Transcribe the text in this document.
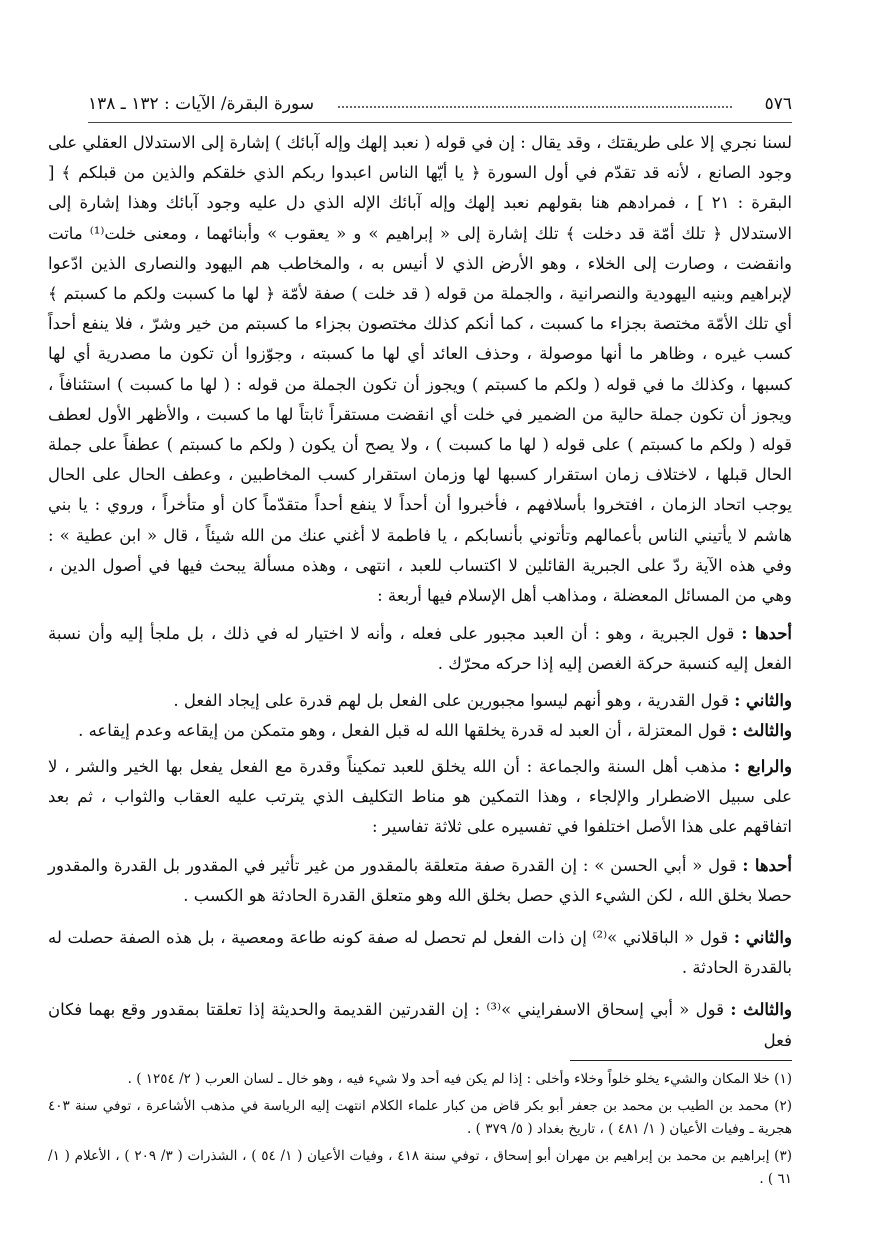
٥٧٦
سورة البقرة/ الآيات : ١٣٢ ـ ١٣٨

لسنا نجري إلا على طريقتك ، وقد يقال : إن في قوله ( نعبد إلهك وإله آبائك ) إشارة إلى الاستدلال العقلي على وجود الصانع ، لأنه قد تقدّم في أول السورة ﴿ يا أيّها الناس اعبدوا ربكم الذي خلقكم والذين من قبلكم ﴾ [ البقرة : ٢١ ] ، فمرادهم هنا بقولهم نعبد إلهك وإله آبائك الإله الذي دل عليه وجود آبائك وهذا إشارة إلى الاستدلال ﴿ تلك أمّة قد دخلت ﴾ تلك إشارة إلى « إبراهيم » و « يعقوب » وأبنائهما ، ومعنى خلت⁽¹⁾ ماتت وانقضت ، وصارت إلى الخلاء ، وهو الأرض الذي لا أنيس به ، والمخاطب هم اليهود والنصارى الذين ادّعوا لإبراهيم وبنيه اليهودية والنصرانية ، والجملة من قوله ( قد خلت ) صفة لأمّة ﴿ لها ما كسبت ولكم ما كسبتم ﴾ أي تلك الأمّة مختصة بجزاء ما كسبت ، كما أنكم كذلك مختصون بجزاء ما كسبتم من خير وشرّ ، فلا ينفع أحداً كسب غيره ، وظاهر ما أنها موصولة ، وحذف العائد أي لها ما كسبته ، وجوّزوا أن تكون ما مصدرية أي لها كسبها ، وكذلك ما في قوله ( ولكم ما كسبتم ) ويجوز أن تكون الجملة من قوله : ( لها ما كسبت ) استئنافاً ، ويجوز أن تكون جملة حالية من الضمير في خلت أي انقضت مستقراً ثابتاً لها ما كسبت ، والأظهر الأول لعطف قوله ( ولكم ما كسبتم ) على قوله ( لها ما كسبت ) ، ولا يصح أن يكون ( ولكم ما كسبتم ) عطفاً على جملة الحال قبلها ، لاختلاف زمان استقرار كسبها لها وزمان استقرار كسب المخاطبين ، وعطف الحال على الحال يوجب اتحاد الزمان ، افتخروا بأسلافهم ، فأخبروا أن أحداً لا ينفع أحداً متقدّماً كان أو متأخراً ، وروي : يا بني هاشم لا يأتيني الناس بأعمالهم وتأتوني بأنسابكم ، يا فاطمة لا أغني عنك من الله شيئاً ، قال « ابن عطية » : وفي هذه الآية ردّ على الجبرية القائلين لا اكتساب للعبد ، انتهى ، وهذه مسألة يبحث فيها في أصول الدين ، وهي من المسائل المعضلة ، ومذاهب أهل الإسلام فيها أربعة :

أحدها : قول الجبرية ، وهو : أن العبد مجبور على فعله ، وأنه لا اختيار له في ذلك ، بل ملجأ إليه وأن نسبة الفعل إليه كنسبة حركة الغصن إليه إذا حركه محرّك .

والثاني : قول القدرية ، وهو أنهم ليسوا مجبورين على الفعل بل لهم قدرة على إيجاد الفعل .

والثالث : قول المعتزلة ، أن العبد له قدرة يخلقها الله له قبل الفعل ، وهو متمكن من إيقاعه وعدم إيقاعه .

والرابع : مذهب أهل السنة والجماعة : أن الله يخلق للعبد تمكيناً وقدرة مع الفعل يفعل بها الخير والشر ، لا على سبيل الاضطرار والإلجاء ، وهذا التمكين هو مناط التكليف الذي يترتب عليه العقاب والثواب ، ثم بعد اتفاقهم على هذا الأصل اختلفوا في تفسيره على ثلاثة تفاسير :

أحدها : قول « أبي الحسن » : إن القدرة صفة متعلقة بالمقدور من غير تأثير في المقدور بل القدرة والمقدور حصلا بخلق الله ، لكن الشيء الذي حصل بخلق الله وهو متعلق القدرة الحادثة هو الكسب .

والثاني : قول « الباقلاني »⁽²⁾ إن ذات الفعل لم تحصل له صفة كونه طاعة ومعصية ، بل هذه الصفة حصلت له بالقدرة الحادثة .

والثالث : قول « أبي إسحاق الاسفرايني »⁽³⁾ : إن القدرتين القديمة والحديثة إذا تعلقتا بمقدور وقع بهما فكان فعل

(١) خلا المكان والشيء يخلو خلواً وخلاء وأخلى : إذا لم يكن فيه أحد ولا شيء فيه ، وهو خال ـ لسان العرب ( ٢/ ١٢٥٤ ) .

(٢) محمد بن الطيب بن محمد بن جعفر أبو بكر قاض من كبار علماء الكلام انتهت إليه الرياسة في مذهب الأشاعرة ، توفي سنة ٤٠٣ هجرية ـ وفيات الأعيان ( ١/ ٤٨١ ) ، تاريخ بغداد ( ٥/ ٣٧٩ ) .

(٣) إبراهيم بن محمد بن إبراهيم بن مهران أبو إسحاق ، توفي سنة ٤١٨ ، وفيات الأعيان ( ١/ ٥٤ ) ، الشذرات ( ٣/ ٢٠٩ ) ، الأعلام ( ١/ ٦١ ) .
